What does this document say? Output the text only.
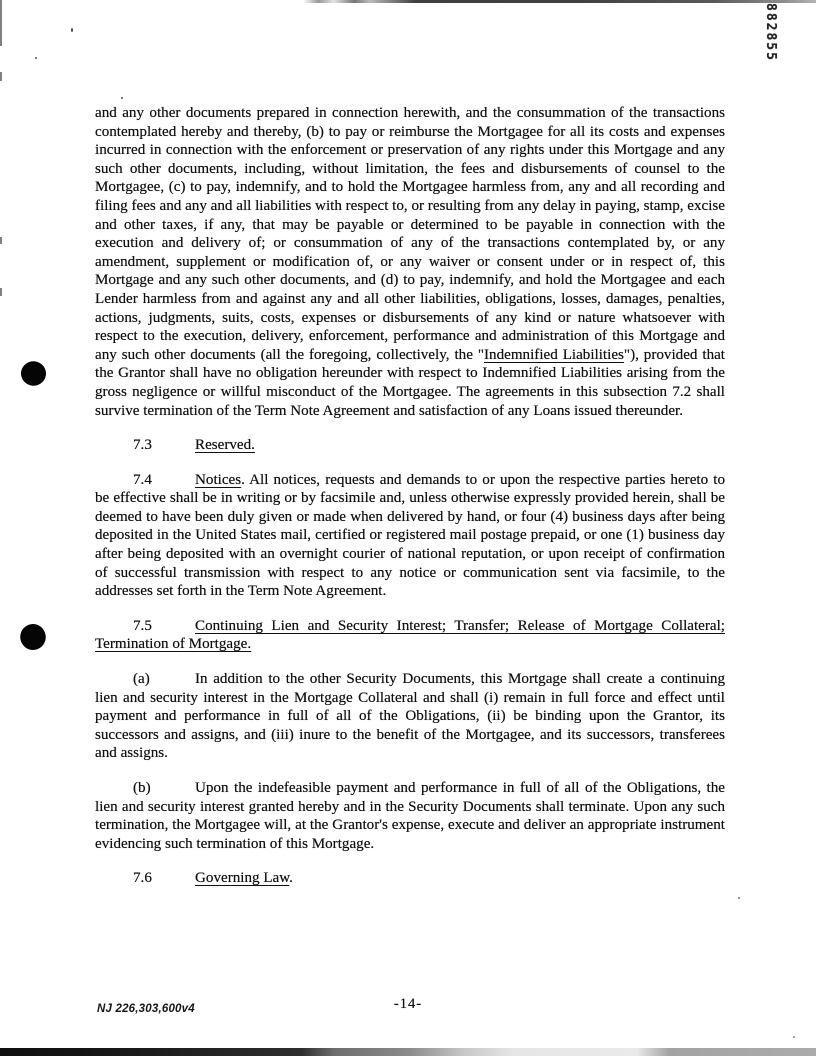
882855

and any other documents prepared in connection herewith, and the consummation of the transactions contemplated hereby and thereby, (b) to pay or reimburse the Mortgagee for all its costs and expenses incurred in connection with the enforcement or preservation of any rights under this Mortgage and any such other documents, including, without limitation, the fees and disbursements of counsel to the Mortgagee, (c) to pay, indemnify, and to hold the Mortgagee harmless from, any and all recording and filing fees and any and all liabilities with respect to, or resulting from any delay in paying, stamp, excise and other taxes, if any, that may be payable or determined to be payable in connection with the execution and delivery of; or consummation of any of the transactions contemplated by, or any amendment, supplement or modification of, or any waiver or consent under or in respect of, this Mortgage and any such other documents, and (d) to pay, indemnify, and hold the Mortgagee and each Lender harmless from and against any and all other liabilities, obligations, losses, damages, penalties, actions, judgments, suits, costs, expenses or disbursements of any kind or nature whatsoever with respect to the execution, delivery, enforcement, performance and administration of this Mortgage and any such other documents (all the foregoing, collectively, the "Indemnified Liabilities"), provided that the Grantor shall have no obligation hereunder with respect to Indemnified Liabilities arising from the gross negligence or willful misconduct of the Mortgagee. The agreements in this subsection 7.2 shall survive termination of the Term Note Agreement and satisfaction of any Loans issued thereunder.

7.3	Reserved.

7.4	Notices. All notices, requests and demands to or upon the respective parties hereto to be effective shall be in writing or by facsimile and, unless otherwise expressly provided herein, shall be deemed to have been duly given or made when delivered by hand, or four (4) business days after being deposited in the United States mail, certified or registered mail postage prepaid, or one (1) business day after being deposited with an overnight courier of national reputation, or upon receipt of confirmation of successful transmission with respect to any notice or communication sent via facsimile, to the addresses set forth in the Term Note Agreement.

7.5	Continuing Lien and Security Interest; Transfer; Release of Mortgage Collateral; Termination of Mortgage.

(a)	In addition to the other Security Documents, this Mortgage shall create a continuing lien and security interest in the Mortgage Collateral and shall (i) remain in full force and effect until payment and performance in full of all of the Obligations, (ii) be binding upon the Grantor, its successors and assigns, and (iii) inure to the benefit of the Mortgagee, and its successors, transferees and assigns.

(b)	Upon the indefeasible payment and performance in full of all of the Obligations, the lien and security interest granted hereby and in the Security Documents shall terminate. Upon any such termination, the Mortgagee will, at the Grantor's expense, execute and deliver an appropriate instrument evidencing such termination of this Mortgage.

7.6	Governing Law.

NJ 226,303,600v4	-14-
